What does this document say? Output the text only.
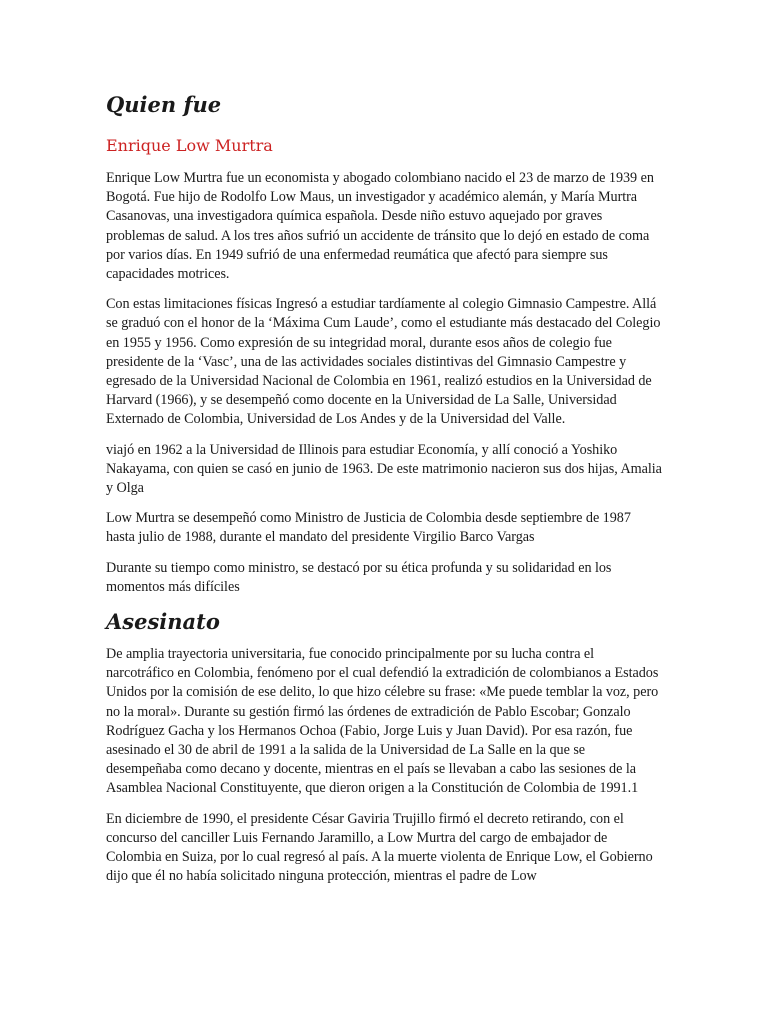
Quien fue
Enrique Low Murtra

Enrique Low Murtra fue un economista y abogado colombiano nacido el 23 de marzo de 1939 en Bogotá. Fue hijo de Rodolfo Low Maus, un investigador y académico alemán, y María Murtra Casanovas, una investigadora química española. Desde niño estuvo aquejado por graves problemas de salud. A los tres años sufrió un accidente de tránsito que lo dejó en estado de coma por varios días. En 1949 sufrió de una enfermedad reumática que afectó para siempre sus capacidades motrices.

Con estas limitaciones físicas Ingresó a estudiar tardíamente al colegio Gimnasio Campestre. Allá se graduó con el honor de la ‘Máxima Cum Laude’, como el estudiante más destacado del Colegio en 1955 y 1956. Como expresión de su integridad moral, durante esos años de colegio fue presidente de la ‘Vasc’, una de las actividades sociales distintivas del Gimnasio Campestre y egresado de la Universidad Nacional de Colombia en 1961, realizó estudios en la Universidad de Harvard (1966), y se desempeñó como docente en la Universidad de La Salle, Universidad Externado de Colombia, Universidad de Los Andes y de la Universidad del Valle.

viajó en 1962 a la Universidad de Illinois para estudiar Economía, y allí conoció a Yoshiko Nakayama, con quien se casó en junio de 1963. De este matrimonio nacieron sus dos hijas, Amalia y Olga

Low Murtra se desempeñó como Ministro de Justicia de Colombia desde septiembre de 1987 hasta julio de 1988, durante el mandato del presidente Virgilio Barco Vargas

Durante su tiempo como ministro, se destacó por su ética profunda y su solidaridad en los momentos más difíciles

Asesinato

De amplia trayectoria universitaria, fue conocido principalmente por su lucha contra el narcotráfico en Colombia, fenómeno por el cual defendió la extradición de colombianos a Estados Unidos por la comisión de ese delito, lo que hizo célebre su frase: «Me puede temblar la voz, pero no la moral». Durante su gestión firmó las órdenes de extradición de Pablo Escobar; Gonzalo Rodríguez Gacha y los Hermanos Ochoa (Fabio, Jorge Luis y Juan David). Por esa razón, fue asesinado el 30 de abril de 1991 a la salida de la Universidad de La Salle en la que se desempeñaba como decano y docente, mientras en el país se llevaban a cabo las sesiones de la Asamblea Nacional Constituyente, que dieron origen a la Constitución de Colombia de 1991.1

En diciembre de 1990, el presidente César Gaviria Trujillo firmó el decreto retirando, con el concurso del canciller Luis Fernando Jaramillo, a Low Murtra del cargo de embajador de Colombia en Suiza, por lo cual regresó al país. A la muerte violenta de Enrique Low, el Gobierno dijo que él no había solicitado ninguna protección, mientras el padre de Low
